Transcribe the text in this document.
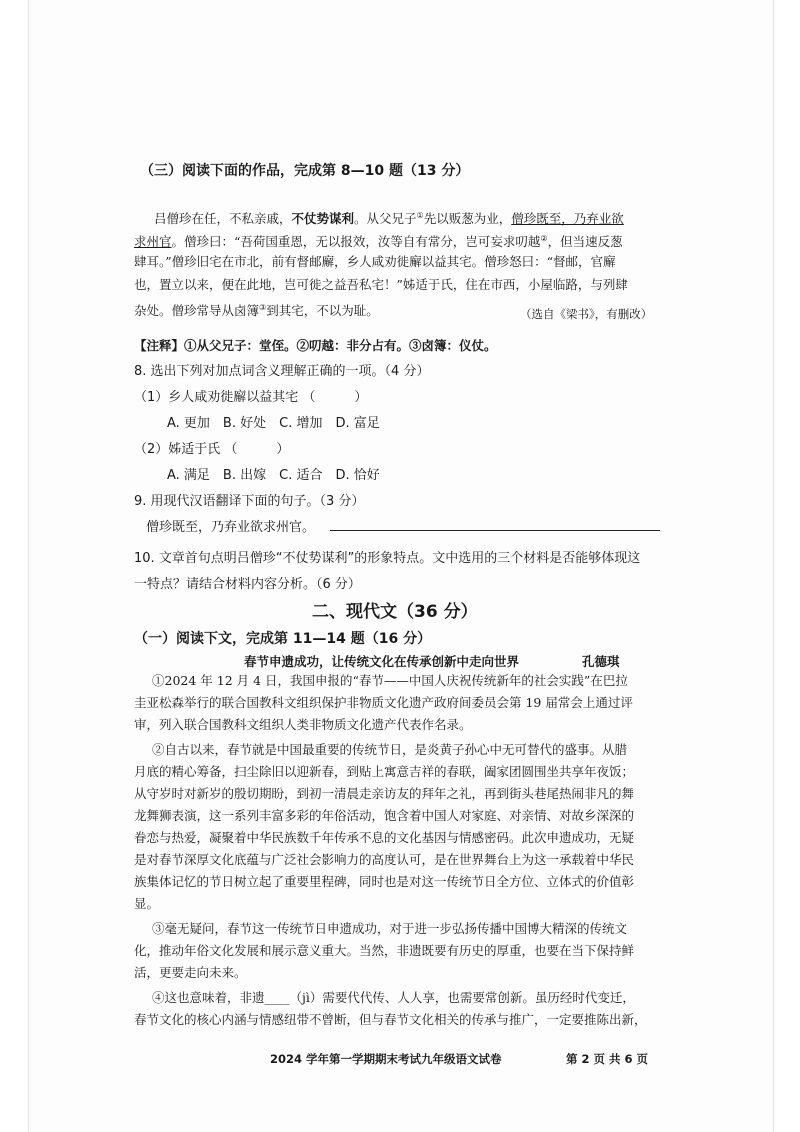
（三）阅读下面的作品，完成第 8—10 题（13 分）
吕僧珍在任，不私亲戚，不仗势谋利。从父兄子①先以贩葱为业，僧珍既至，乃弃业欲
求州官。僧珍曰：“吾荷国重恩，无以报效，汝等自有常分，岂可妄求叨越②，但当速反葱
肆耳。”僧珍旧宅在市北，前有督邮廨，乡人咸劝徙廨以益其宅。僧珍怒曰：“督邮，官廨
也，置立以来，便在此地，岂可徙之益吾私宅！”姊适于氏，住在市西，小屋临路，与列肆
杂处。僧珍常导从卤簿③到其宅，不以为耻。	（选自《梁书》，有删改）
【注释】①从父兄子：堂侄。②叨越：非分占有。③卤簿：仪仗。
8. 选出下列对加点词含义理解正确的一项。（4 分）
（1）乡人咸劝徙廨以益其宅 （　　　）
A. 更加　B. 好处　C. 增加　D. 富足
（2）姊适于氏 （　　　）
A. 满足　B. 出嫁　C. 适合　D. 恰好
9. 用现代汉语翻译下面的句子。（3 分）
僧珍既至，乃弃业欲求州官。
10. 文章首句点明吕僧珍“不仗势谋利”的形象特点。文中选用的三个材料是否能够体现这
一特点？请结合材料内容分析。（6 分）
二、现代文（36 分）
（一）阅读下文，完成第 11—14 题（16 分）
春节申遗成功，让传统文化在传承创新中走向世界	孔德琪
①2024 年 12 月 4 日，我国申报的“春节——中国人庆祝传统新年的社会实践”在巴拉
圭亚松森举行的联合国教科文组织保护非物质文化遗产政府间委员会第 19 届常会上通过评
审，列入联合国教科文组织人类非物质文化遗产代表作名录。
②自古以来，春节就是中国最重要的传统节日，是炎黄子孙心中无可替代的盛事。从腊
月底的精心筹备，扫尘除旧以迎新春，到贴上寓意吉祥的春联，阖家团圆围坐共享年夜饭；
从守岁时对新岁的殷切期盼，到初一清晨走亲访友的拜年之礼，再到街头巷尾热闹非凡的舞
龙舞狮表演，这一系列丰富多彩的年俗活动，饱含着中国人对家庭、对亲情、对故乡深深的
眷恋与热爱，凝聚着中华民族数千年传承不息的文化基因与情感密码。此次申遗成功，无疑
是对春节深厚文化底蕴与广泛社会影响力的高度认可，是在世界舞台上为这一承载着中华民
族集体记忆的节日树立起了重要里程碑，同时也是对这一传统节日全方位、立体式的价值彰
显。
③毫无疑问，春节这一传统节日申遗成功，对于进一步弘扬传播中国博大精深的传统文
化，推动年俗文化发展和展示意义重大。当然，非遗既要有历史的厚重，也要在当下保持鲜
活，更要走向未来。
④这也意味着，非遗____（jì）需要代代传、人人享，也需要常创新。虽历经时代变迁，
春节文化的核心内涵与情感纽带不曾断，但与春节文化相关的传承与推广，一定要推陈出新，
2024 学年第一学期期末考试九年级语文试卷	第 2 页 共 6 页
